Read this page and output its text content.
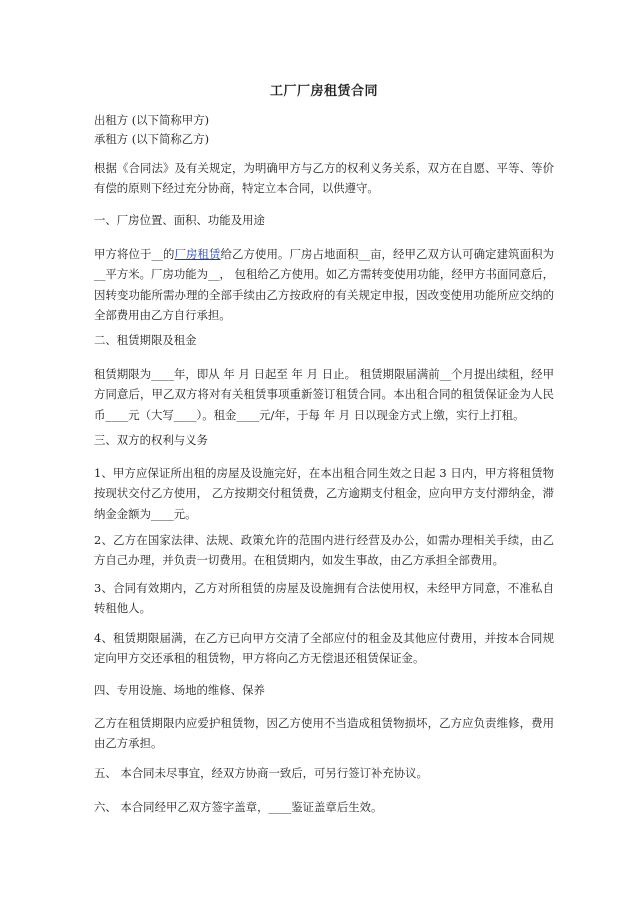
工厂厂房租赁合同
出租方 (以下简称甲方)
承租方 (以下简称乙方)
根据《合同法》及有关规定，为明确甲方与乙方的权利义务关系，双方在自愿、平等、等价有偿的原则下经过充分协商，特定立本合同，以供遵守。
一、厂房位置、面积、功能及用途
甲方将位于__的厂房租赁给乙方使用。厂房占地面积__亩，经甲乙双方认可确定建筑面积为__平方米。厂房功能为__， 包租给乙方使用。如乙方需转变使用功能，经甲方书面同意后，因转变功能所需办理的全部手续由乙方按政府的有关规定申报，因改变使用功能所应交纳的全部费用由乙方自行承担。
二、租赁期限及租金
租赁期限为____年，即从 年 月 日起至 年 月 日止。 租赁期限届满前__个月提出续租，经甲方同意后，甲乙双方将对有关租赁事项重新签订租赁合同。本出租合同的租赁保证金为人民币____元（大写____）。租金____元/年，于每 年 月 日以现金方式上缴，实行上打租。
三、双方的权利与义务
1、甲方应保证所出租的房屋及设施完好，在本出租合同生效之日起 3 日内，甲方将租赁物按现状交付乙方使用， 乙方按期交付租赁费，乙方逾期支付租金，应向甲方支付滞纳金，滞纳金金额为____元。
2、乙方在国家法律、法规、政策允许的范围内进行经营及办公，如需办理相关手续，由乙方自己办理，并负责一切费用。在租赁期内，如发生事故，由乙方承担全部费用。
3、合同有效期内，乙方对所租赁的房屋及设施拥有合法使用权，未经甲方同意，不准私自转租他人。
4、租赁期限届满，在乙方已向甲方交清了全部应付的租金及其他应付费用，并按本合同规定向甲方交还承租的租赁物，甲方将向乙方无偿退还租赁保证金。
四、专用设施、场地的维修、保养
乙方在租赁期限内应爱护租赁物，因乙方使用不当造成租赁物损坏，乙方应负责维修，费用由乙方承担。
五、 本合同未尽事宜，经双方协商一致后，可另行签订补充协议。
六、 本合同经甲乙双方签字盖章，____鉴证盖章后生效。
